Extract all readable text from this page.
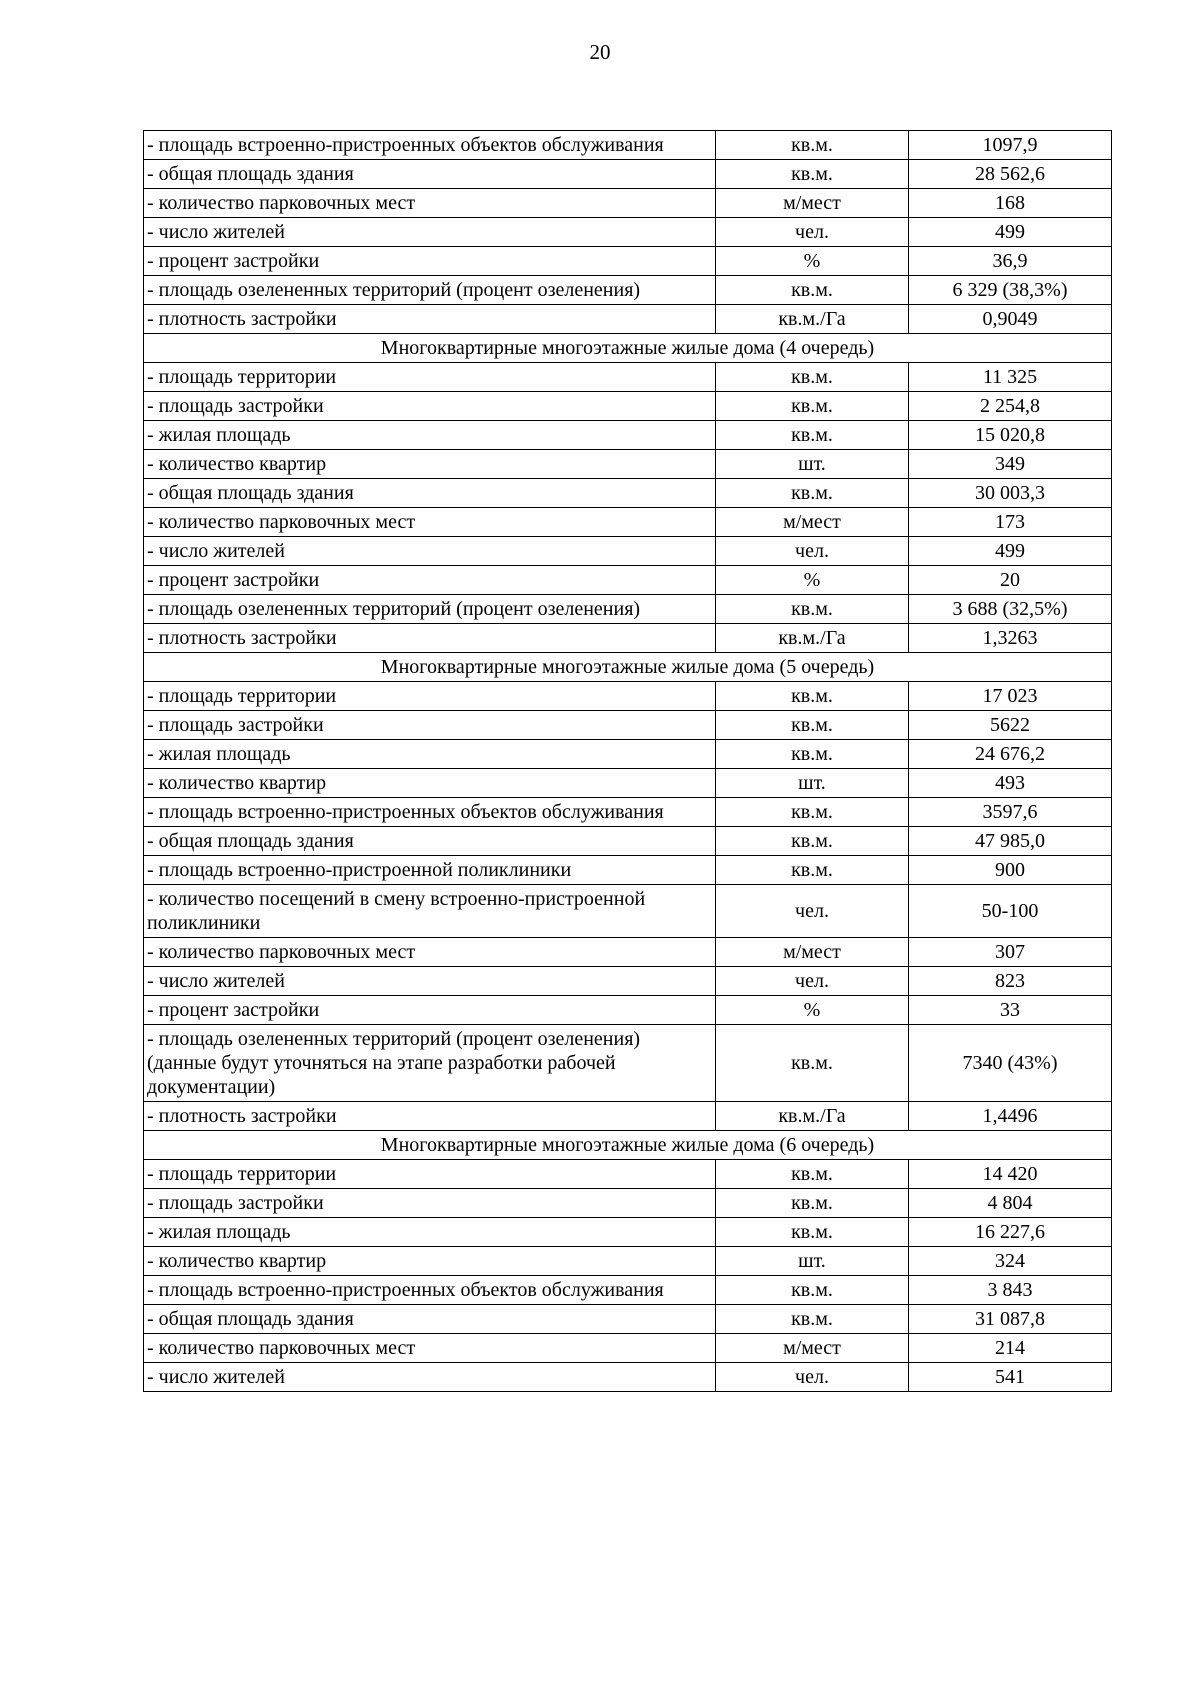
20
- площадь встроенно-пристроенных объектов обслуживания	кв.м.	1097,9
- общая площадь здания	кв.м.	28 562,6
- количество парковочных мест	м/мест	168
- число жителей	чел.	499
- процент застройки	%	36,9
- площадь озелененных территорий (процент озеленения)	кв.м.	6 329 (38,3%)
- плотность застройки	кв.м./Га	0,9049
Многоквартирные многоэтажные жилые дома (4 очередь)		
- площадь территории	кв.м.	11 325
- площадь застройки	кв.м.	2 254,8
- жилая площадь	кв.м.	15 020,8
- количество квартир	шт.	349
- общая площадь здания	кв.м.	30 003,3
- количество парковочных мест	м/мест	173
- число жителей	чел.	499
- процент застройки	%	20
- площадь озелененных территорий (процент озеленения)	кв.м.	3 688 (32,5%)
- плотность застройки	кв.м./Га	1,3263
Многоквартирные многоэтажные жилые дома (5 очередь)		
- площадь территории	кв.м.	17 023
- площадь застройки	кв.м.	5622
- жилая площадь	кв.м.	24 676,2
- количество квартир	шт.	493
- площадь встроенно-пристроенных объектов обслуживания	кв.м.	3597,6
- общая площадь здания	кв.м.	47 985,0
- площадь встроенно-пристроенной поликлиники	кв.м.	900
- количество посещений в смену встроенно-пристроенной поликлиники	чел.	50-100
- количество парковочных мест	м/мест	307
- число жителей	чел.	823
- процент застройки	%	33
- площадь озелененных территорий (процент озеленения) (данные будут уточняться на этапе разработки рабочей документации)	кв.м.	7340 (43%)
- плотность застройки	кв.м./Га	1,4496
Многоквартирные многоэтажные жилые дома (6 очередь)		
- площадь территории	кв.м.	14 420
- площадь застройки	кв.м.	4 804
- жилая площадь	кв.м.	16 227,6
- количество квартир	шт.	324
- площадь встроенно-пристроенных объектов обслуживания	кв.м.	3 843
- общая площадь здания	кв.м.	31 087,8
- количество парковочных мест	м/мест	214
- число жителей	чел.	541
